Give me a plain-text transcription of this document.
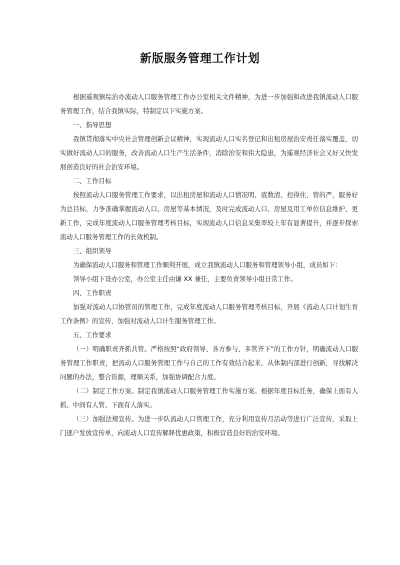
新版服务管理工作计划

根据遥观镇综治办流动人口服务管理工作办公室相关文件精神，为进一步加强和改进我镇流动人口服务管理工作，结合我镇实际，特制定以下实施方案。

一、指导思想

我镇贯彻落实中央社会管理创新会议精神，实现流动人口实名登记和出租房屋治安责任落实覆盖，切实做好流动人口的服务，改善流动人口生产生活条件，消除治安和伟大隐患，为遥观经济社会又好又快发展创造良好的社会治安环境。

二、工作目标

按照流动人口服务管理工作要求，以出租房屋和流动人口情况明、底数清、控得住、管的严，服务好为总目标，力争准确掌握流动人口、房屋等基本情况，及时完成流动人口、房屋及用工单位信息维护、更新工作，完成年度流动人口服务管理考核目标，实现流动人口信息采集率较上年有显著提升，并逐步探索流动人口服务管理工作的长效机制。

三、组织领导

为确保流动人口服务和管理工作顺利开展，成立我镇流动人口服务和管理领导小组，成员如下：

领导小组下设办公室，办公室主任由谦 XX 兼任，主要负责领导小组日常工作。

四、工作职责

加强对流动人口协管员的管理工作，完成年度流动人口服务管理考核目标，开展《流动人口计划生育工作条例》的宣传，加强对流动人口计生服务管理工作。

五、工作要求

（一）明确职责齐抓共管。严格按照“政府领导、各方参与、多管齐下”的工作方针，明确流动人口服务管理工作职责，把流动人口服务管理工作与自己的工作有效结合起来，从体制内部进行创新，寻找解决问题的办法，整合资源，理顺关系，加强协调配合力度。

（二）制定工作方案。制定我镇流动人口服务管理工作实施方案。根据年度目标任务，确保上面有人抓、中间有人管、下面有人落实。

（三）加强法规宣传。为进一步队流动人口管理工作，充分利用宣传月活动等进行广泛宣传，采取上门逐户发放宣传单，向流动人口宣传解释优惠政策，积极营造良好的治安环境。
